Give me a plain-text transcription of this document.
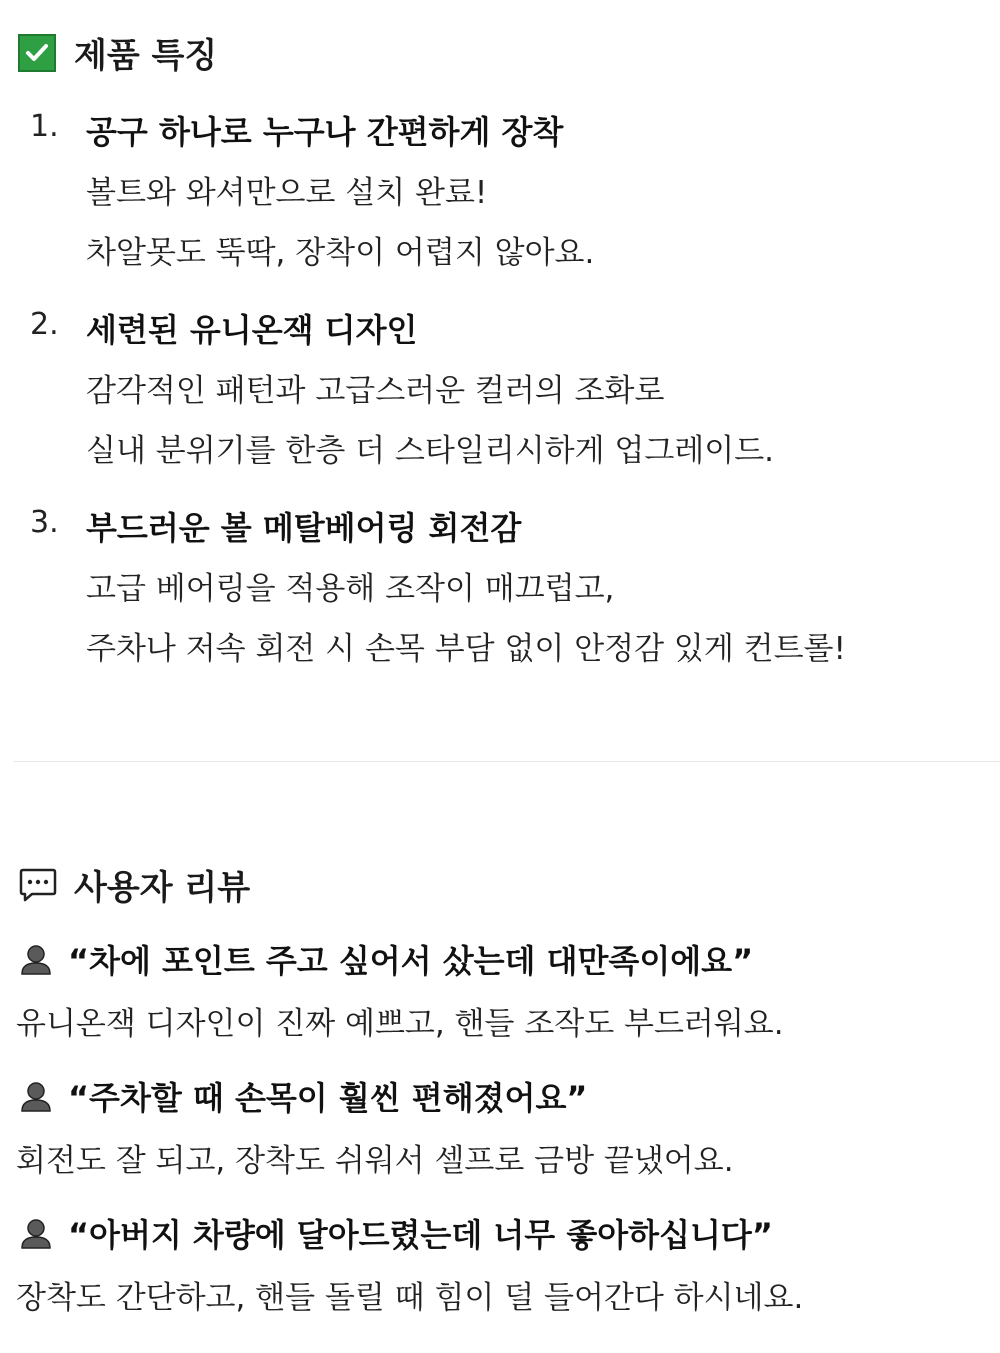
제품 특징
1. 공구 하나로 누구나 간편하게 장착
볼트와 와셔만으로 설치 완료!
차알못도 뚝딱, 장착이 어렵지 않아요.
2. 세련된 유니온잭 디자인
감각적인 패턴과 고급스러운 컬러의 조화로
실내 분위기를 한층 더 스타일리시하게 업그레이드.
3. 부드러운 볼 메탈베어링 회전감
고급 베어링을 적용해 조작이 매끄럽고,
주차나 저속 회전 시 손목 부담 없이 안정감 있게 컨트롤!
사용자 리뷰
“차에 포인트 주고 싶어서 샀는데 대만족이에요”
유니온잭 디자인이 진짜 예쁘고, 핸들 조작도 부드러워요.
“주차할 때 손목이 훨씬 편해졌어요”
회전도 잘 되고, 장착도 쉬워서 셀프로 금방 끝냈어요.
“아버지 차량에 달아드렸는데 너무 좋아하십니다”
장착도 간단하고, 핸들 돌릴 때 힘이 덜 들어간다 하시네요.
